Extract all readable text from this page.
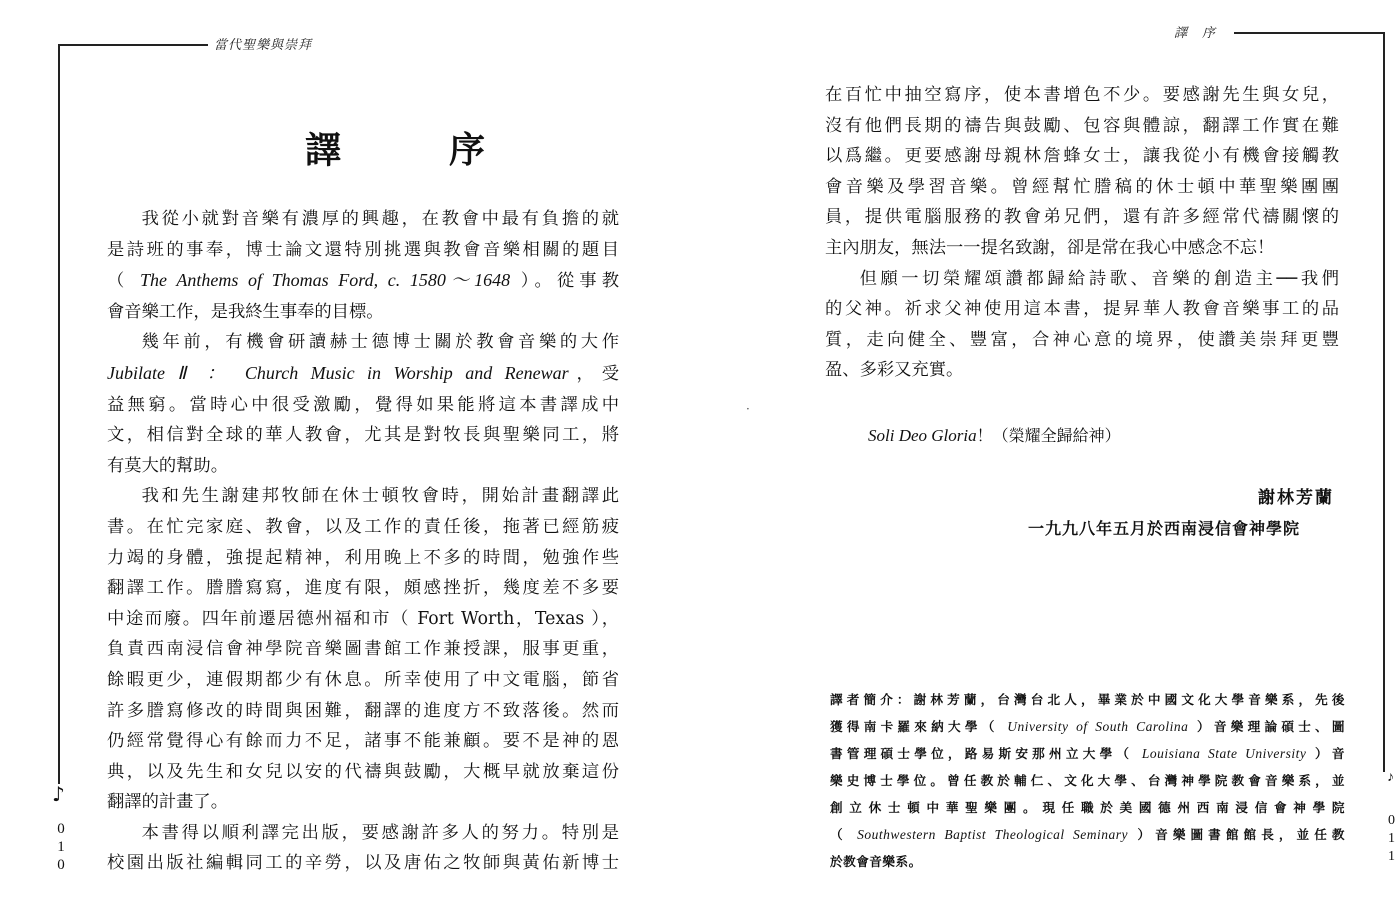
當代聖樂與崇拜
譯　序
我從小就對音樂有濃厚的興趣，在教會中最有負擔的就
是詩班的事奉，博士論文還特別挑選與教會音樂相關的題目
（ The Anthems of Thomas Ford, c. 1580～1648 ）。從事教
會音樂工作，是我終生事奉的目標。
幾年前，有機會研讀赫士德博士關於教會音樂的大作
Jubilate Ⅱ ： Church Music in Worship and Renewar，受
益無窮。當時心中很受激勵，覺得如果能將這本書譯成中
文，相信對全球的華人教會，尤其是對牧長與聖樂同工，將
有莫大的幫助。
我和先生謝建邦牧師在休士頓牧會時，開始計畫翻譯此
書。在忙完家庭、教會，以及工作的責任後，拖著已經筋疲
力竭的身體，強提起精神，利用晚上不多的時間，勉強作些
翻譯工作。謄謄寫寫，進度有限，頗感挫折，幾度差不多要
中途而廢。四年前遷居德州福和市（ Fort Worth，Texas ），
負責西南浸信會神學院音樂圖書館工作兼授課，服事更重，
餘暇更少，連假期都少有休息。所幸使用了中文電腦，節省
許多謄寫修改的時間與困難，翻譯的進度方不致落後。然而
仍經常覺得心有餘而力不足，諸事不能兼顧。要不是神的恩
典，以及先生和女兒以安的代禱與鼓勵，大概早就放棄這份
翻譯的計畫了。
本書得以順利譯完出版，要感謝許多人的努力。特別是
校園出版社編輯同工的辛勞，以及唐佑之牧師與黃佑新博士
♪
0
1
0
譯　序
在百忙中抽空寫序，使本書增色不少。要感謝先生與女兒，
沒有他們長期的禱告與鼓勵、包容與體諒，翻譯工作實在難
以爲繼。更要感謝母親林詹蜂女士，讓我從小有機會接觸教
會音樂及學習音樂。曾經幫忙謄稿的休士頓中華聖樂團團
員，提供電腦服務的教會弟兄們，還有許多經常代禱關懷的
主內朋友，無法一一提名致謝，卻是常在我心中感念不忘！
但願一切榮耀頌讚都歸給詩歌、音樂的創造主──我們
的父神。祈求父神使用這本書，提昇華人教會音樂事工的品
質，走向健全、豐富，合神心意的境界，使讚美崇拜更豐
盈、多彩又充實。
Soli Deo Gloria！（榮耀全歸給神）
謝林芳蘭
一九九八年五月於西南浸信會神學院
譯者簡介：謝林芳蘭，台灣台北人，畢業於中國文化大學音樂系，先後
獲得南卡羅來納大學（ University of South Carolina ）音樂理論碩士、圖
書管理碩士學位，路易斯安那州立大學（ Louisiana State University ）音
樂史博士學位。曾任教於輔仁、文化大學、台灣神學院教會音樂系，並
創立休士頓中華聖樂團。現任職於美國德州西南浸信會神學院
（ Southwestern Baptist Theological Seminary ）音樂圖書館館長，並任教
於教會音樂系。
·
♪
0
1
1
